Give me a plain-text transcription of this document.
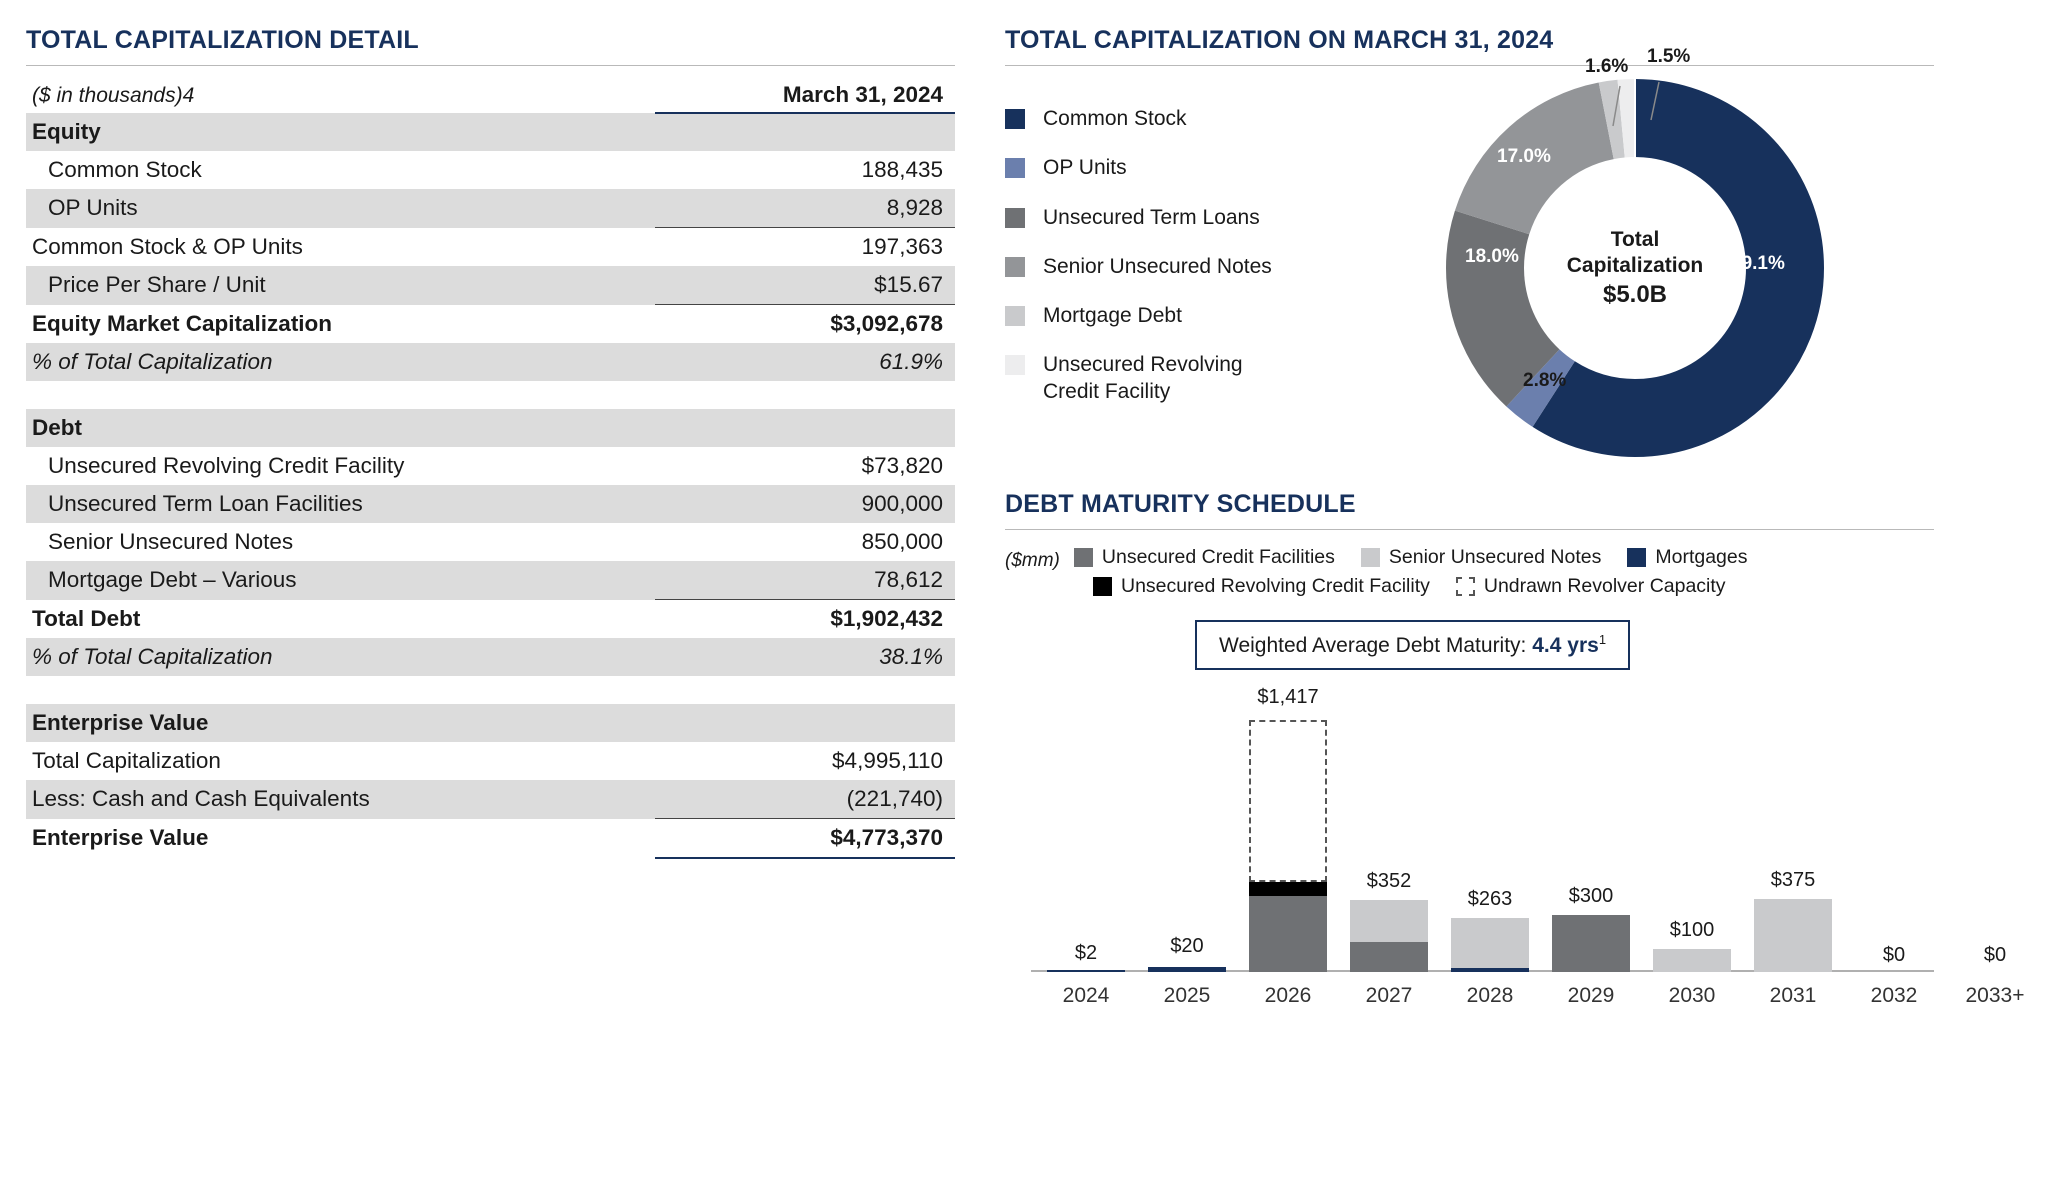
TOTAL CAPITALIZATION DETAIL
($ in thousands)4	March 31, 2024
Equity	
Common Stock	188,435
OP Units	8,928
Common Stock & OP Units	197,363
Price Per Share / Unit	$15.67
Equity Market Capitalization	$3,092,678
% of Total Capitalization	61.9%
Debt	
Unsecured Revolving Credit Facility	$73,820
Unsecured Term Loan Facilities	900,000
Senior Unsecured Notes	850,000
Mortgage Debt – Various	78,612
Total Debt	$1,902,432
% of Total Capitalization	38.1%
Enterprise Value	
Total Capitalization	$4,995,110
Less: Cash and Cash Equivalents	(221,740)
Enterprise Value	$4,773,370
TOTAL CAPITALIZATION ON MARCH 31, 2024
Common Stock
OP Units
Unsecured Term Loans
Senior Unsecured Notes
Mortgage Debt
Unsecured Revolving Credit Facility
Total
Capitalization
$5.0B
59.1%
2.8%
18.0%
17.0%
1.6% 1.5%
DEBT MATURITY SCHEDULE
($mm) Unsecured Credit Facilities	Senior Unsecured Notes	Mortgages
Unsecured Revolving Credit Facility	Undrawn Revolver Capacity
Weighted Average Debt Maturity: 4.4 yrs$^1$
$2
2024
$20
2025
$1,417
2026
$352
2027
$263
2028
$300
2029
$100
2030
$375
2031
$0
2032
$0
2033+
